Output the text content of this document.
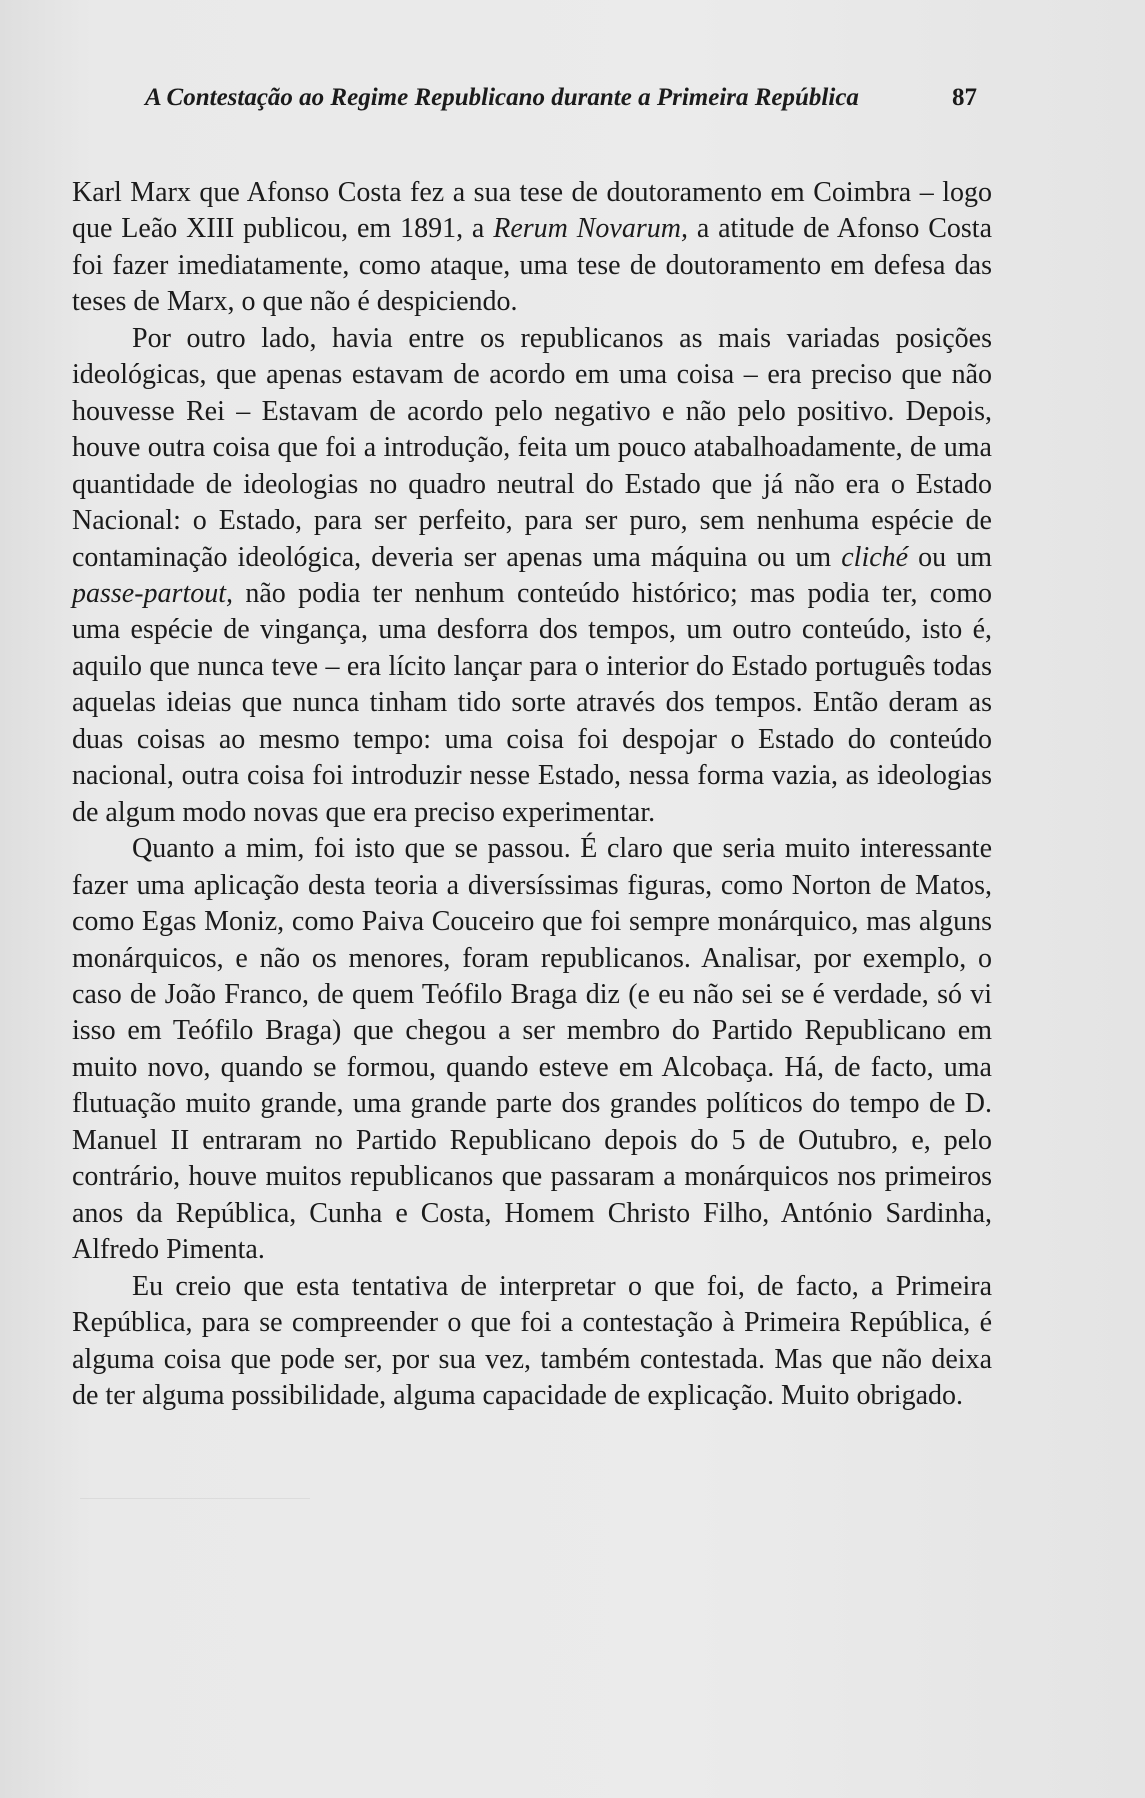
A Contestação ao Regime Republicano durante a Primeira República	87

Karl Marx que Afonso Costa fez a sua tese de doutoramento em Coimbra – logo que Leão XIII publicou, em 1891, a Rerum Novarum, a atitude de Afonso Costa foi fazer imediatamente, como ataque, uma tese de doutoramento em defesa das teses de Marx, o que não é despiciendo.

Por outro lado, havia entre os republicanos as mais variadas posições ideológicas, que apenas estavam de acordo em uma coisa – era preciso que não houvesse Rei – Estavam de acordo pelo negativo e não pelo positivo. Depois, houve outra coisa que foi a introdução, feita um pouco atabalhoadamente, de uma quantidade de ideologias no quadro neutral do Estado que já não era o Estado Nacional: o Estado, para ser perfeito, para ser puro, sem nenhuma espécie de contaminação ideológica, deveria ser apenas uma máquina ou um cliché ou um passe-partout, não podia ter nenhum conteúdo histórico; mas podia ter, como uma espécie de vingança, uma desforra dos tempos, um outro conteúdo, isto é, aquilo que nunca teve – era lícito lançar para o interior do Estado português todas aquelas ideias que nunca tinham tido sorte através dos tempos. Então deram as duas coisas ao mesmo tempo: uma coisa foi despojar o Estado do conteúdo nacional, outra coisa foi introduzir nesse Estado, nessa forma vazia, as ideologias de algum modo novas que era preciso experimentar.

Quanto a mim, foi isto que se passou. É claro que seria muito interessante fazer uma aplicação desta teoria a diversíssimas figuras, como Norton de Matos, como Egas Moniz, como Paiva Couceiro que foi sempre monárquico, mas alguns monárquicos, e não os menores, foram republicanos. Analisar, por exemplo, o caso de João Franco, de quem Teófilo Braga diz (e eu não sei se é verdade, só vi isso em Teófilo Braga) que chegou a ser membro do Partido Republicano em muito novo, quando se formou, quando esteve em Alcobaça. Há, de facto, uma flutuação muito grande, uma grande parte dos grandes políticos do tempo de D. Manuel II entraram no Partido Republicano depois do 5 de Outubro, e, pelo contrário, houve muitos republicanos que passaram a monárquicos nos primeiros anos da República, Cunha e Costa, Homem Christo Filho, António Sardinha, Alfredo Pimenta.

Eu creio que esta tentativa de interpretar o que foi, de facto, a Primeira República, para se compreender o que foi a contestação à Primeira República, é alguma coisa que pode ser, por sua vez, também contestada. Mas que não deixa de ter alguma possibilidade, alguma capacidade de explicação. Muito obrigado.
